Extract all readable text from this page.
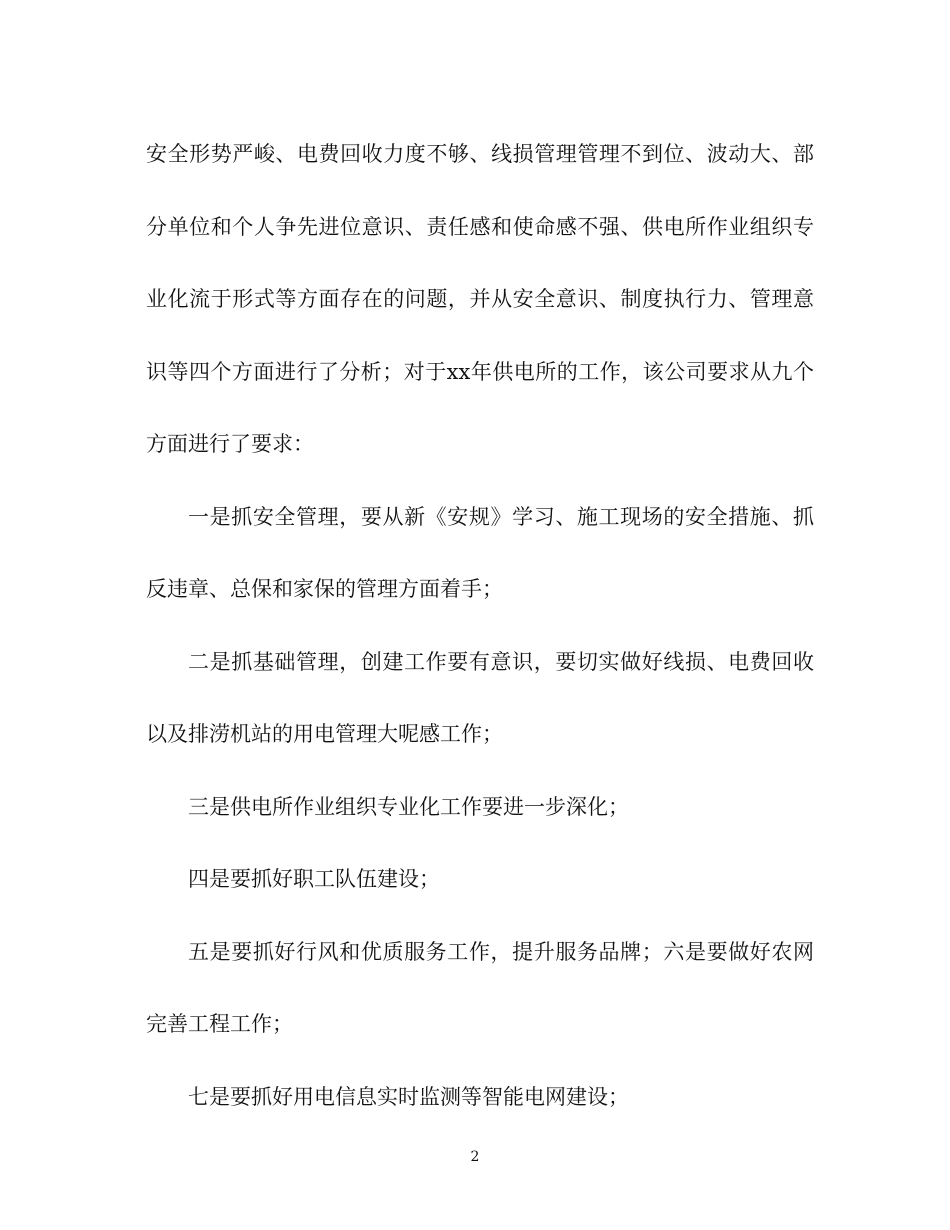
安全形势严峻、电费回收力度不够、线损管理管理不到位、波动大、部分单位和个人争先进位意识、责任感和使命感不强、供电所作业组织专业化流于形式等方面存在的问题，并从安全意识、制度执行力、管理意识等四个方面进行了分析；对于xx年供电所的工作，该公司要求从九个方面进行了要求：

一是抓安全管理，要从新《安规》学习、施工现场的安全措施、抓反违章、总保和家保的管理方面着手；

二是抓基础管理，创建工作要有意识，要切实做好线损、电费回收以及排涝机站的用电管理大呢感工作；

三是供电所作业组织专业化工作要进一步深化；

四是要抓好职工队伍建设；

五是要抓好行风和优质服务工作，提升服务品牌；六是要做好农网完善工程工作；

七是要抓好用电信息实时监测等智能电网建设；

2
